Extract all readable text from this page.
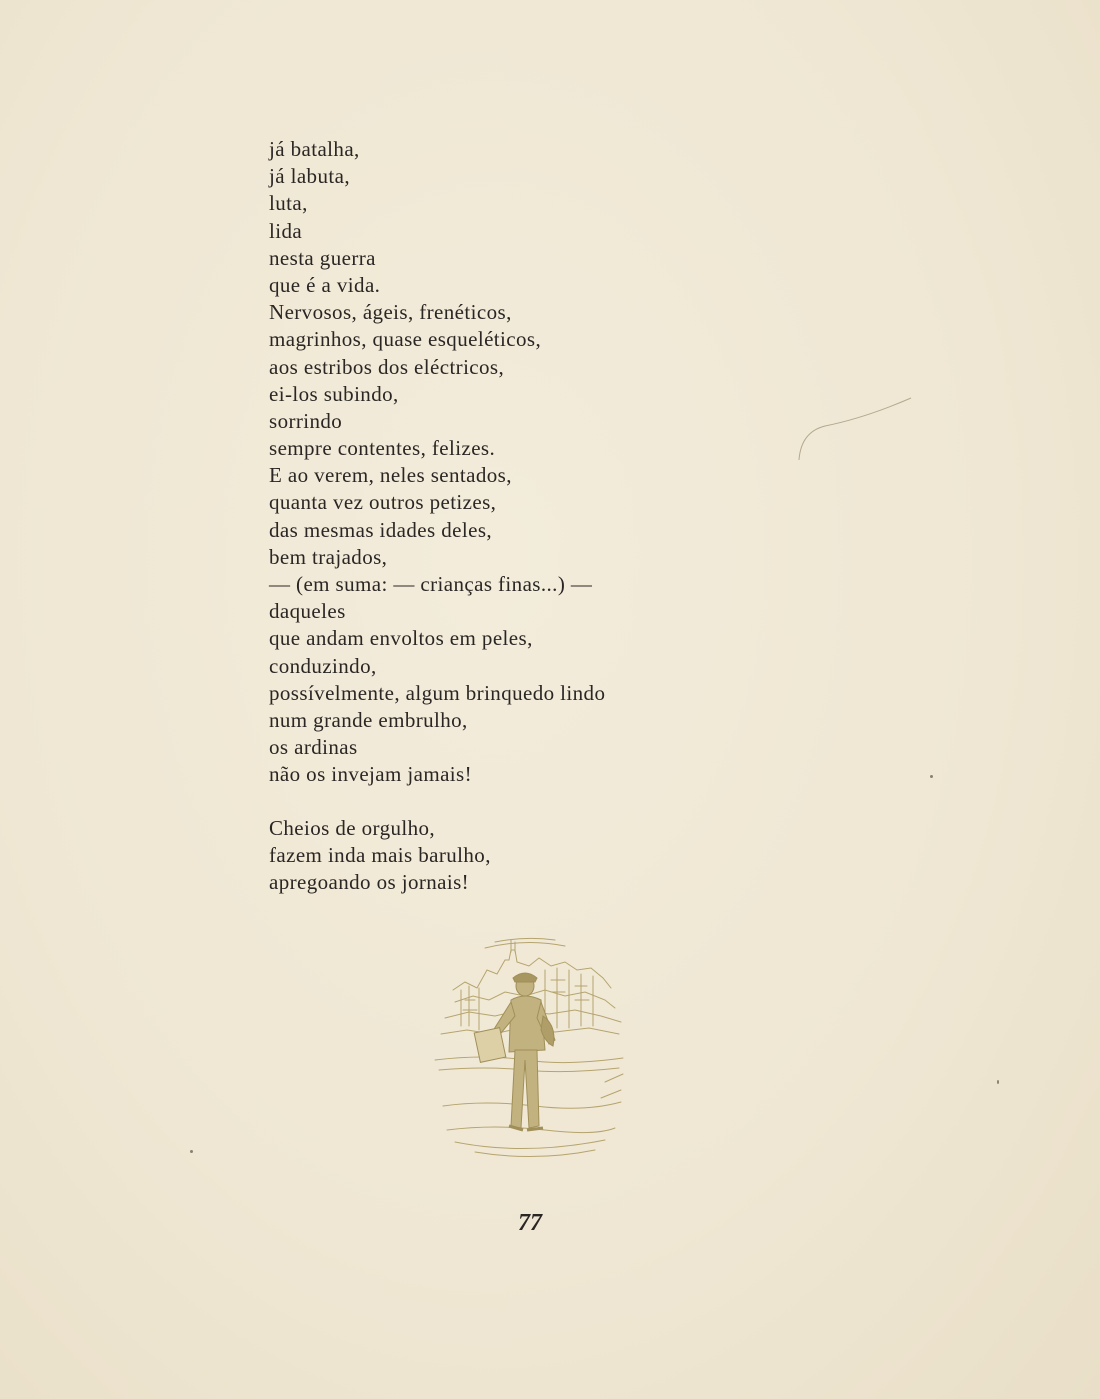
já batalha,
já labuta,
luta,
lida
nesta guerra
que é a vida.
Nervosos, ágeis, frenéticos,
magrinhos, quase esqueléticos,
aos estribos dos eléctricos,
ei-los subindo,
sorrindo
sempre contentes, felizes.
E ao verem, neles sentados,
quanta vez outros petizes,
das mesmas idades deles,
bem trajados,
— (em suma: — crianças finas...) —
daqueles
que andam envoltos em peles,
conduzindo,
possívelmente, algum brinquedo lindo
num grande embrulho,
os ardinas
não os invejam jamais!
Cheios de orgulho,
fazem inda mais barulho,
apregoando os jornais!
77
